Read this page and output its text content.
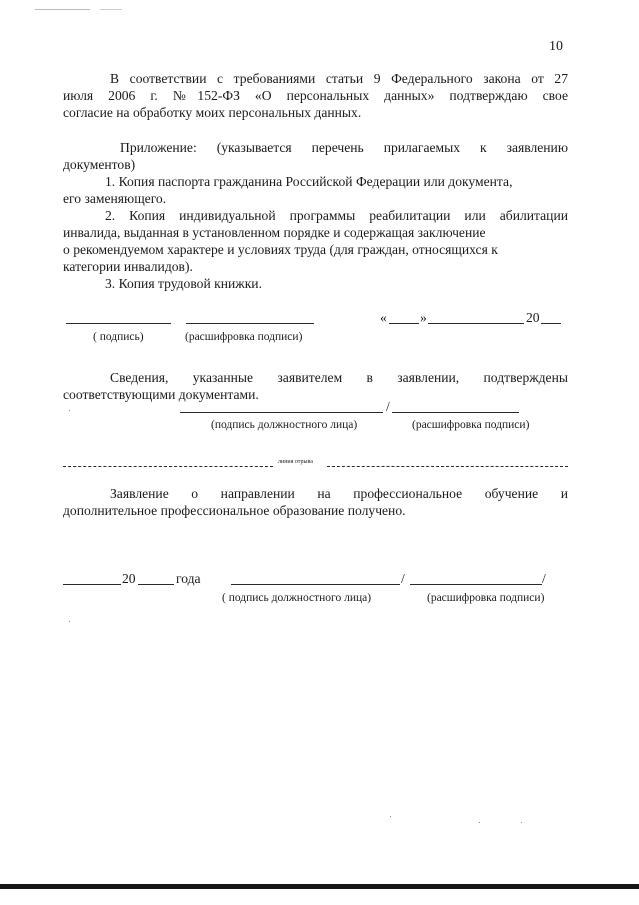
10
В соответствии с требованиями статьи 9 Федерального закона от 27
июля 2006 г. №152-ФЗ «О персональных данных» подтверждаю свое
согласие на обработку моих персональных данных.
Приложение: (указывается перечень прилагаемых к заявлению
документов)
1. Копия паспорта гражданина Российской Федерации или документа,
его заменяющего.
2. Копия индивидуальной программы реабилитации или абилитации
инвалида, выданная в установленном порядке и содержащая заключение
о рекомендуемом характере и условиях труда (для граждан, относящихся к
категории инвалидов).
3. Копия трудовой книжки.
( подпись)	(расшифровка подписи)
« »	20
Сведения, указанные заявителем в заявлении, подтверждены
соответствующими документами.
/
(подпись должностного лица)	(расшифровка подписи)
линия отрыва
Заявление о направлении на профессиональное обучение и
дополнительное профессиональное образование получено.
20	года	/	/
( подпись должностного лица)	(расшифровка подписи)
